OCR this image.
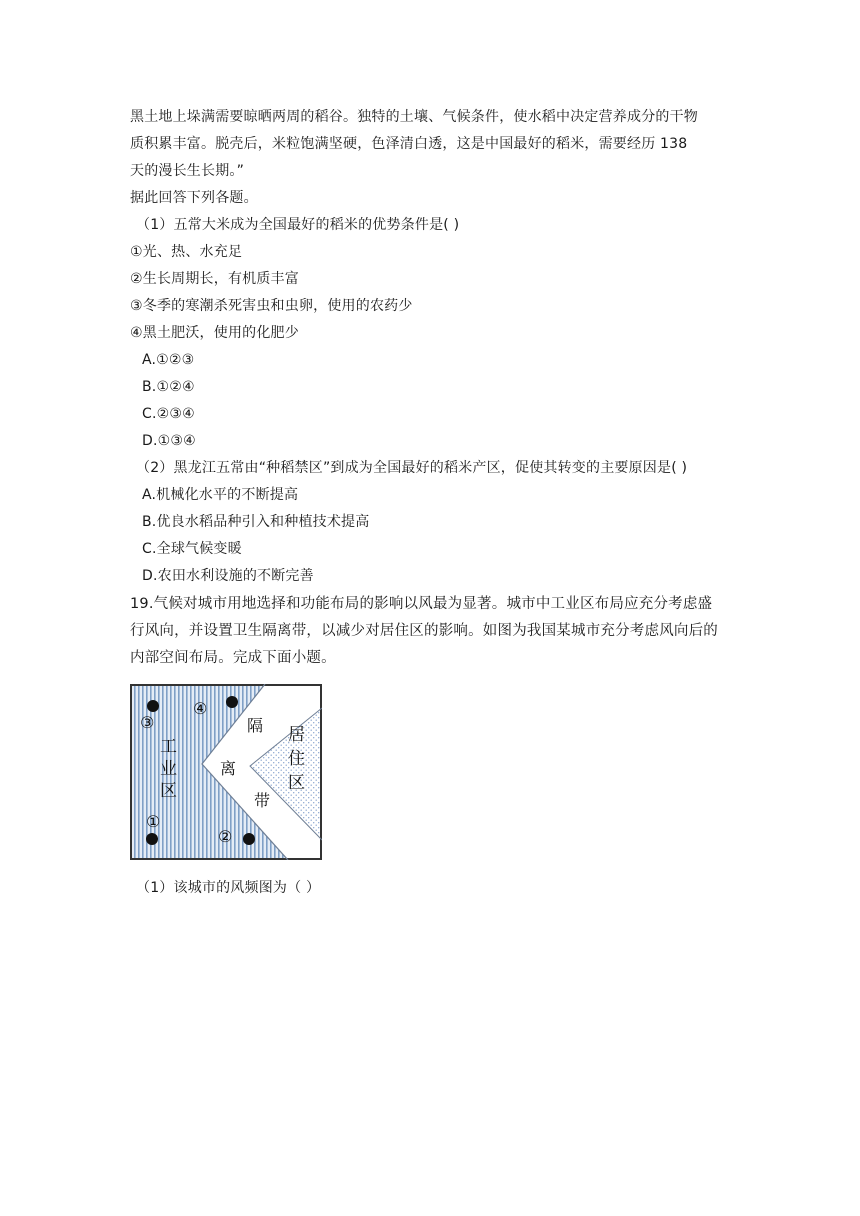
黑土地上垛满需要晾晒两周的稻谷。独特的土壤、气候条件，使水稻中决定营养成分的干物
质积累丰富。脱壳后，米粒饱满坚硬，色泽清白透，这是中国最好的稻米，需要经历 138
天的漫长生长期。”
据此回答下列各题。
（1）五常大米成为全国最好的稻米的优势条件是( )
①光、热、水充足
②生长周期长，有机质丰富
③冬季的寒潮杀死害虫和虫卵，使用的农药少
④黑土肥沃，使用的化肥少
A.①②③
B.①②④
C.②③④
D.①③④
（2）黑龙江五常由“种稻禁区”到成为全国最好的稻米产区，促使其转变的主要原因是( )
A.机械化水平的不断提高
B.优良水稻品种引入和种植技术提高
C.全球气候变暖
D.农田水利设施的不断完善
19.气候对城市用地选择和功能布局的影响以风最为显著。城市中工业区布局应充分考虑盛
行风向，并设置卫生隔离带，以减少对居住区的影响。如图为我国某城市充分考虑风向后的
内部空间布局。完成下面小题。
③
④
①
②
工
业
区
隔
离
带
居
住
区
（1）该城市的风频图为（ ）
